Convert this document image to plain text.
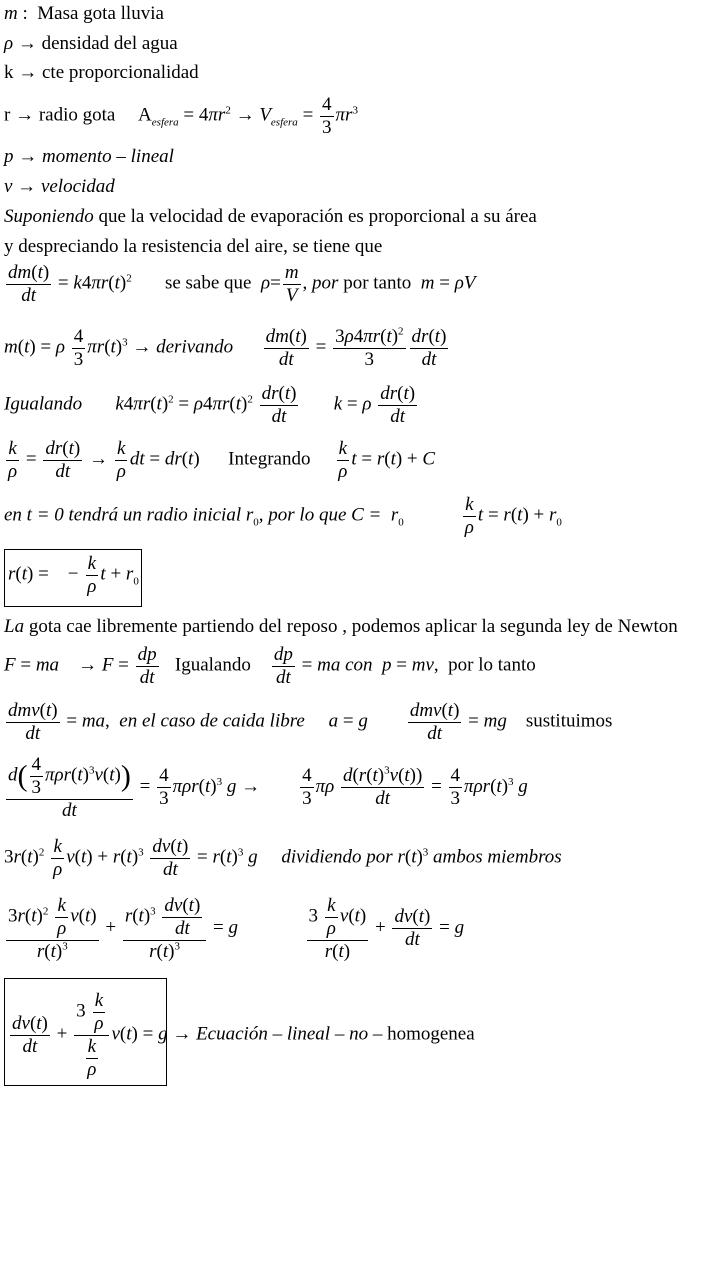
m :  Masa gota lluvia
ρ → densidad del agua
k → cte proporcionalidad
r → radio gota     $A_{esfera} = 4\pi r^2 \to V_{esfera} = \frac{4}{3} \pi r^3$
p → momento – lineal
v → velocidad
Suponiendo que la velocidad de evaporación es proporcional a su área
y despreciando la resistencia del aire, se tiene que
$\frac{dm(t)}{dt} = k4\pi r(t)^2$ se sabe que $\rho= \frac{m}{V}$ , por por tanto m = ρV
m(t) = ρ $\frac{4}{3} \pi r(t)^3$ → derivando $\frac{dm(t)}{dt} = \frac{3\rho 4\pi r(t)^2}{3} \frac{dr(t)}{dt}$
Igualando $k4\pi r(t)^2 = \rho 4\pi r(t)^2 \frac{dr(t)}{dt}$ k = ρ $\frac{dr(t)}{dt}$
$\frac{k}{\rho} = \frac{dr(t)}{dt} \to \frac{k}{\rho}$ dt = dr(t)      Integrando $\frac{k}{\rho}$ t = r(t) + C
en t = 0 tendrá un radio inicial $r_0$, por lo que $C = r_0$	$\frac{k}{\rho}$ $t = r(t) + r_0$
r(t) =    − $\frac{k}{\rho}$ $t + r_0$
La gota cae libremente partiendo del reposo , podemos aplicar la segunda ley de Newton
F = ma    → $F = \frac{dp}{dt}$ Igualando $\frac{dp}{dt}$ = ma con p = mv,  por lo tanto
$\frac{\text{dmv(t)}}{dt}$ = ma,  en el caso de caida libre a = g $\frac{\text{dmv(t)}}{dt}$ = mg sustituimos
$\frac{d( \frac{4}{3} \pi\rho r(t)^3v(t))}{dt} = \frac{4}{3} \pi\rho r(t)^3$ $g \to \frac{4}{3}$ πρ $\frac{d(r(t)^3v(t))}{dt} = \frac{4}{3} \pi\rho r(t)^3$ g
$3r(t)^2 \frac{k}{\rho} v(t) + r(t)^3 \frac{dv(t)}{dt} = r(t)^3$ g dividiendo por $r(t)^3$ ambos miembros
$\frac{3r(t)^2 \frac{k}{\rho} v(t)}{r(t)^3} + \frac{r(t)^3 \frac{dv(t)}{dt}}{r(t)^3} = g$	$\frac{3 \frac{k}{\rho} v(t)}{r(t)} + \frac{dv(t)}{dt} = g$
$\frac{dv(t)}{dt} + \frac{3 \frac{k}{\rho}}{\frac{k}{\rho}} v(t) = g$ → Ecuación – lineal – no – homogenea
